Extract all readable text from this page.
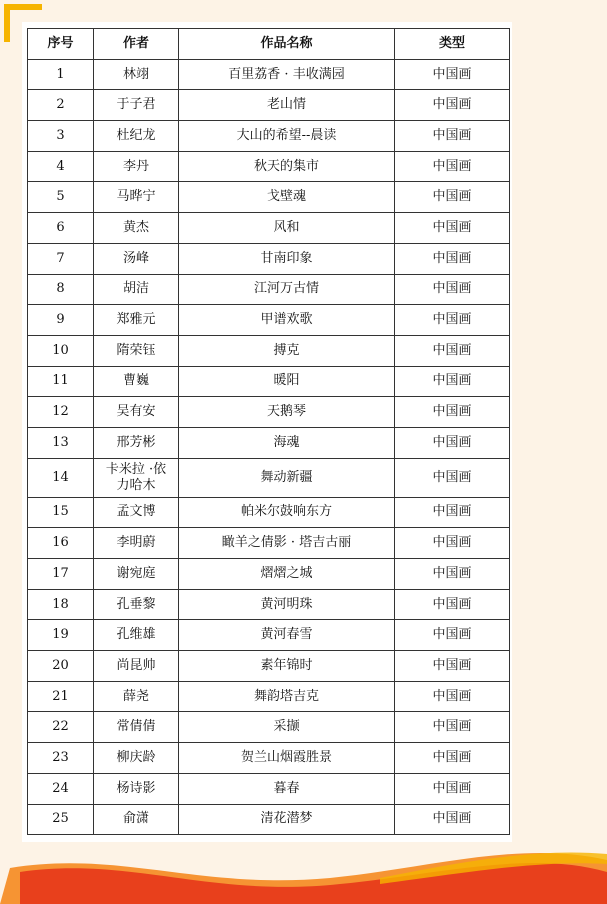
序号	作者	作品名称	类型
1	林翊	百里荔香 · 丰收满园	中国画
2	于子君	老山情	中国画
3	杜纪龙	大山的希望--晨读	中国画
4	李丹	秋天的集市	中国画
5	马晔宁	戈壁魂	中国画
6	黄杰	风和	中国画
7	汤峰	甘南印象	中国画
8	胡洁	江河万古情	中国画
9	郑雅元	甲谱欢歌	中国画
10	隋荣钰	搏克	中国画
11	曹巍	暖阳	中国画
12	吴有安	天鹅琴	中国画
13	邢芳彬	海魂	中国画
14	卡米拉 ·依力哈木	舞动新疆	中国画
15	孟文博	帕米尔鼓响东方	中国画
16	李明蔚	瞰羊之倩影 · 塔吉古丽	中国画
17	谢宛庭	熠熠之城	中国画
18	孔垂黎	黄河明珠	中国画
19	孔维雄	黄河春雪	中国画
20	尚昆帅	素年锦时	中国画
21	薛尧	舞韵塔吉克	中国画
22	常倩倩	采撷	中国画
23	柳庆龄	贺兰山烟霞胜景	中国画
24	杨诗影	暮春	中国画
25	俞潇	清花潜梦	中国画
